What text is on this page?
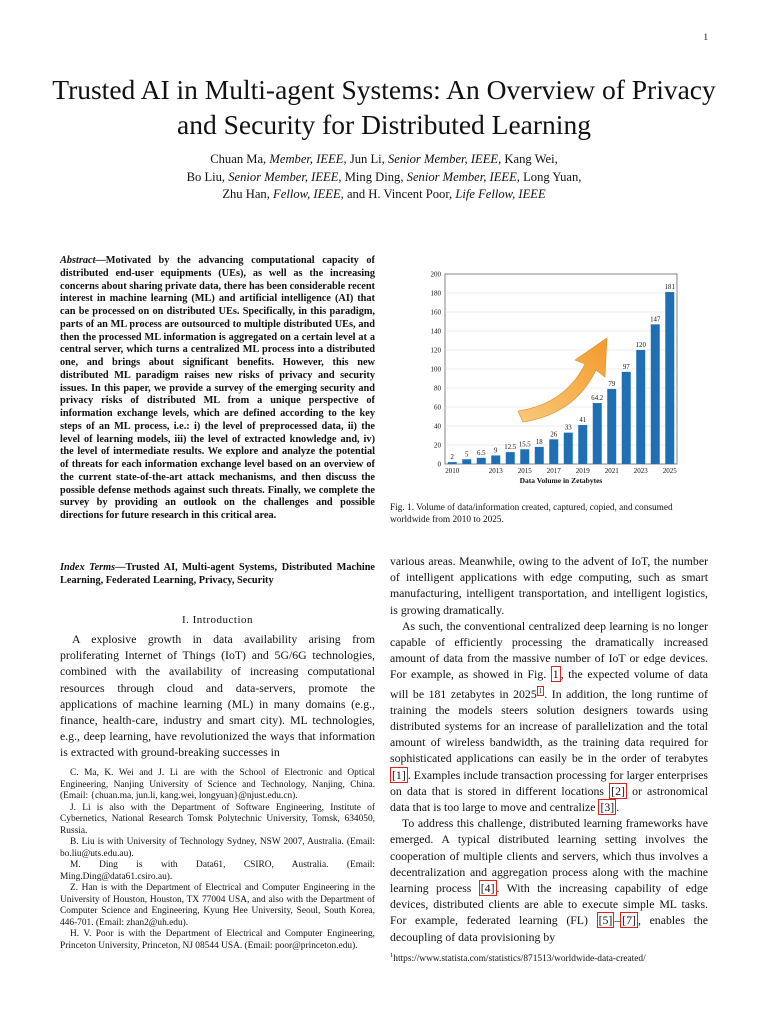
1
Trusted AI in Multi-agent Systems: An Overview of Privacy and Security for Distributed Learning
Chuan Ma, Member, IEEE, Jun Li, Senior Member, IEEE, Kang Wei,
Bo Liu, Senior Member, IEEE, Ming Ding, Senior Member, IEEE, Long Yuan,
Zhu Han, Fellow, IEEE, and H. Vincent Poor, Life Fellow, IEEE
Abstract—Motivated by the advancing computational capacity of distributed end-user equipments (UEs), as well as the increasing concerns about sharing private data, there has been considerable recent interest in machine learning (ML) and artificial intelligence (AI) that can be processed on on distributed UEs. Specifically, in this paradigm, parts of an ML process are outsourced to multiple distributed UEs, and then the processed ML information is aggregated on a certain level at a central server, which turns a centralized ML process into a distributed one, and brings about significant benefits. However, this new distributed ML paradigm raises new risks of privacy and security issues. In this paper, we provide a survey of the emerging security and privacy risks of distributed ML from a unique perspective of information exchange levels, which are defined according to the key steps of an ML process, i.e.: i) the level of preprocessed data, ii) the level of learning models, iii) the level of extracted knowledge and, iv) the level of intermediate results. We explore and analyze the potential of threats for each information exchange level based on an overview of the current state-of-the-art attack mechanisms, and then discuss the possible defense methods against such threats. Finally, we complete the survey by providing an outlook on the challenges and possible directions for future research in this critical area.
Index Terms—Trusted AI, Multi-agent Systems, Distributed Machine Learning, Federated Learning, Privacy, Security
I. Introduction

A explosive growth in data availability arising from proliferating Internet of Things (IoT) and 5G/6G technologies, combined with the availability of increasing computational resources through cloud and data-servers, promote the applications of machine learning (ML) in many domains (e.g., finance, health-care, industry and smart city). ML technologies, e.g., deep learning, have revolutionized the ways that information is extracted with ground-breaking successes in

C. Ma, K. Wei and J. Li are with the School of Electronic and Optical Engineering, Nanjing University of Science and Technology, Nanjing, China. (Email: {chuan.ma, jun.li, kang.wei, longyuan}@njust.edu.cn).

J. Li is also with the Department of Software Engineering, Institute of Cybernetics, National Research Tomsk Polytechnic University, Tomsk, 634050, Russia.

B. Liu is with University of Technology Sydney, NSW 2007, Australia. (Email: bo.liu@uts.edu.au).

M. Ding is with Data61, CSIRO, Australia. (Email: Ming.Ding@data61.csiro.au).

Z. Han is with the Department of Electrical and Computer Engineering in the University of Houston, Houston, TX 77004 USA, and also with the Department of Computer Science and Engineering, Kyung Hee University, Seoul, South Korea, 446-701. (Email: zhan2@uh.edu).

H. V. Poor is with the Department of Electrical and Computer Engineering, Princeton University, Princeton, NJ 08544 USA. (Email: poor@princeton.edu).

0
20
40
60
80
100
120
140
160
180
200
2 5 6.5 9 12.5 15.5 18
26
33
41
64.2
79
97
120
147
181
2010	2013 2015 2017 2019 2021 2023 2025
Data Volume in Zetabytes
Fig. 1. Volume of data/information created, captured, copied, and consumed worldwide from 2010 to 2025.

various areas. Meanwhile, owing to the advent of IoT, the number of intelligent applications with edge computing, such as smart manufacturing, intelligent transportation, and intelligent logistics, is growing dramatically.

As such, the conventional centralized deep learning is no longer capable of efficiently processing the dramatically increased amount of data from the massive number of IoT or edge devices. For example, as showed in Fig. 1 , the expected volume of data will be 181 zetabytes in 2025 $^1$ . In addition, the long runtime of training the models steers solution designers towards using distributed systems for an increase of parallelization and the total amount of wireless bandwidth, as the training data required for sophisticated applications can easily be in the order of terabytes [1] . Examples include transaction processing for larger enterprises on data that is stored in different locations [2] or astronomical data that is too large to move and centralize [3] .

To address this challenge, distributed learning frameworks have emerged. A typical distributed learning setting involves the cooperation of multiple clients and servers, which thus involves a decentralization and aggregation process along with the machine learning process [4] . With the increasing capability of edge devices, distributed clients are able to execute simple ML tasks. For example, federated learning (FL) [5] – [7] , enables the decoupling of data provisioning by

$^1$https://www.statista.com/statistics/871513/worldwide-data-created/
